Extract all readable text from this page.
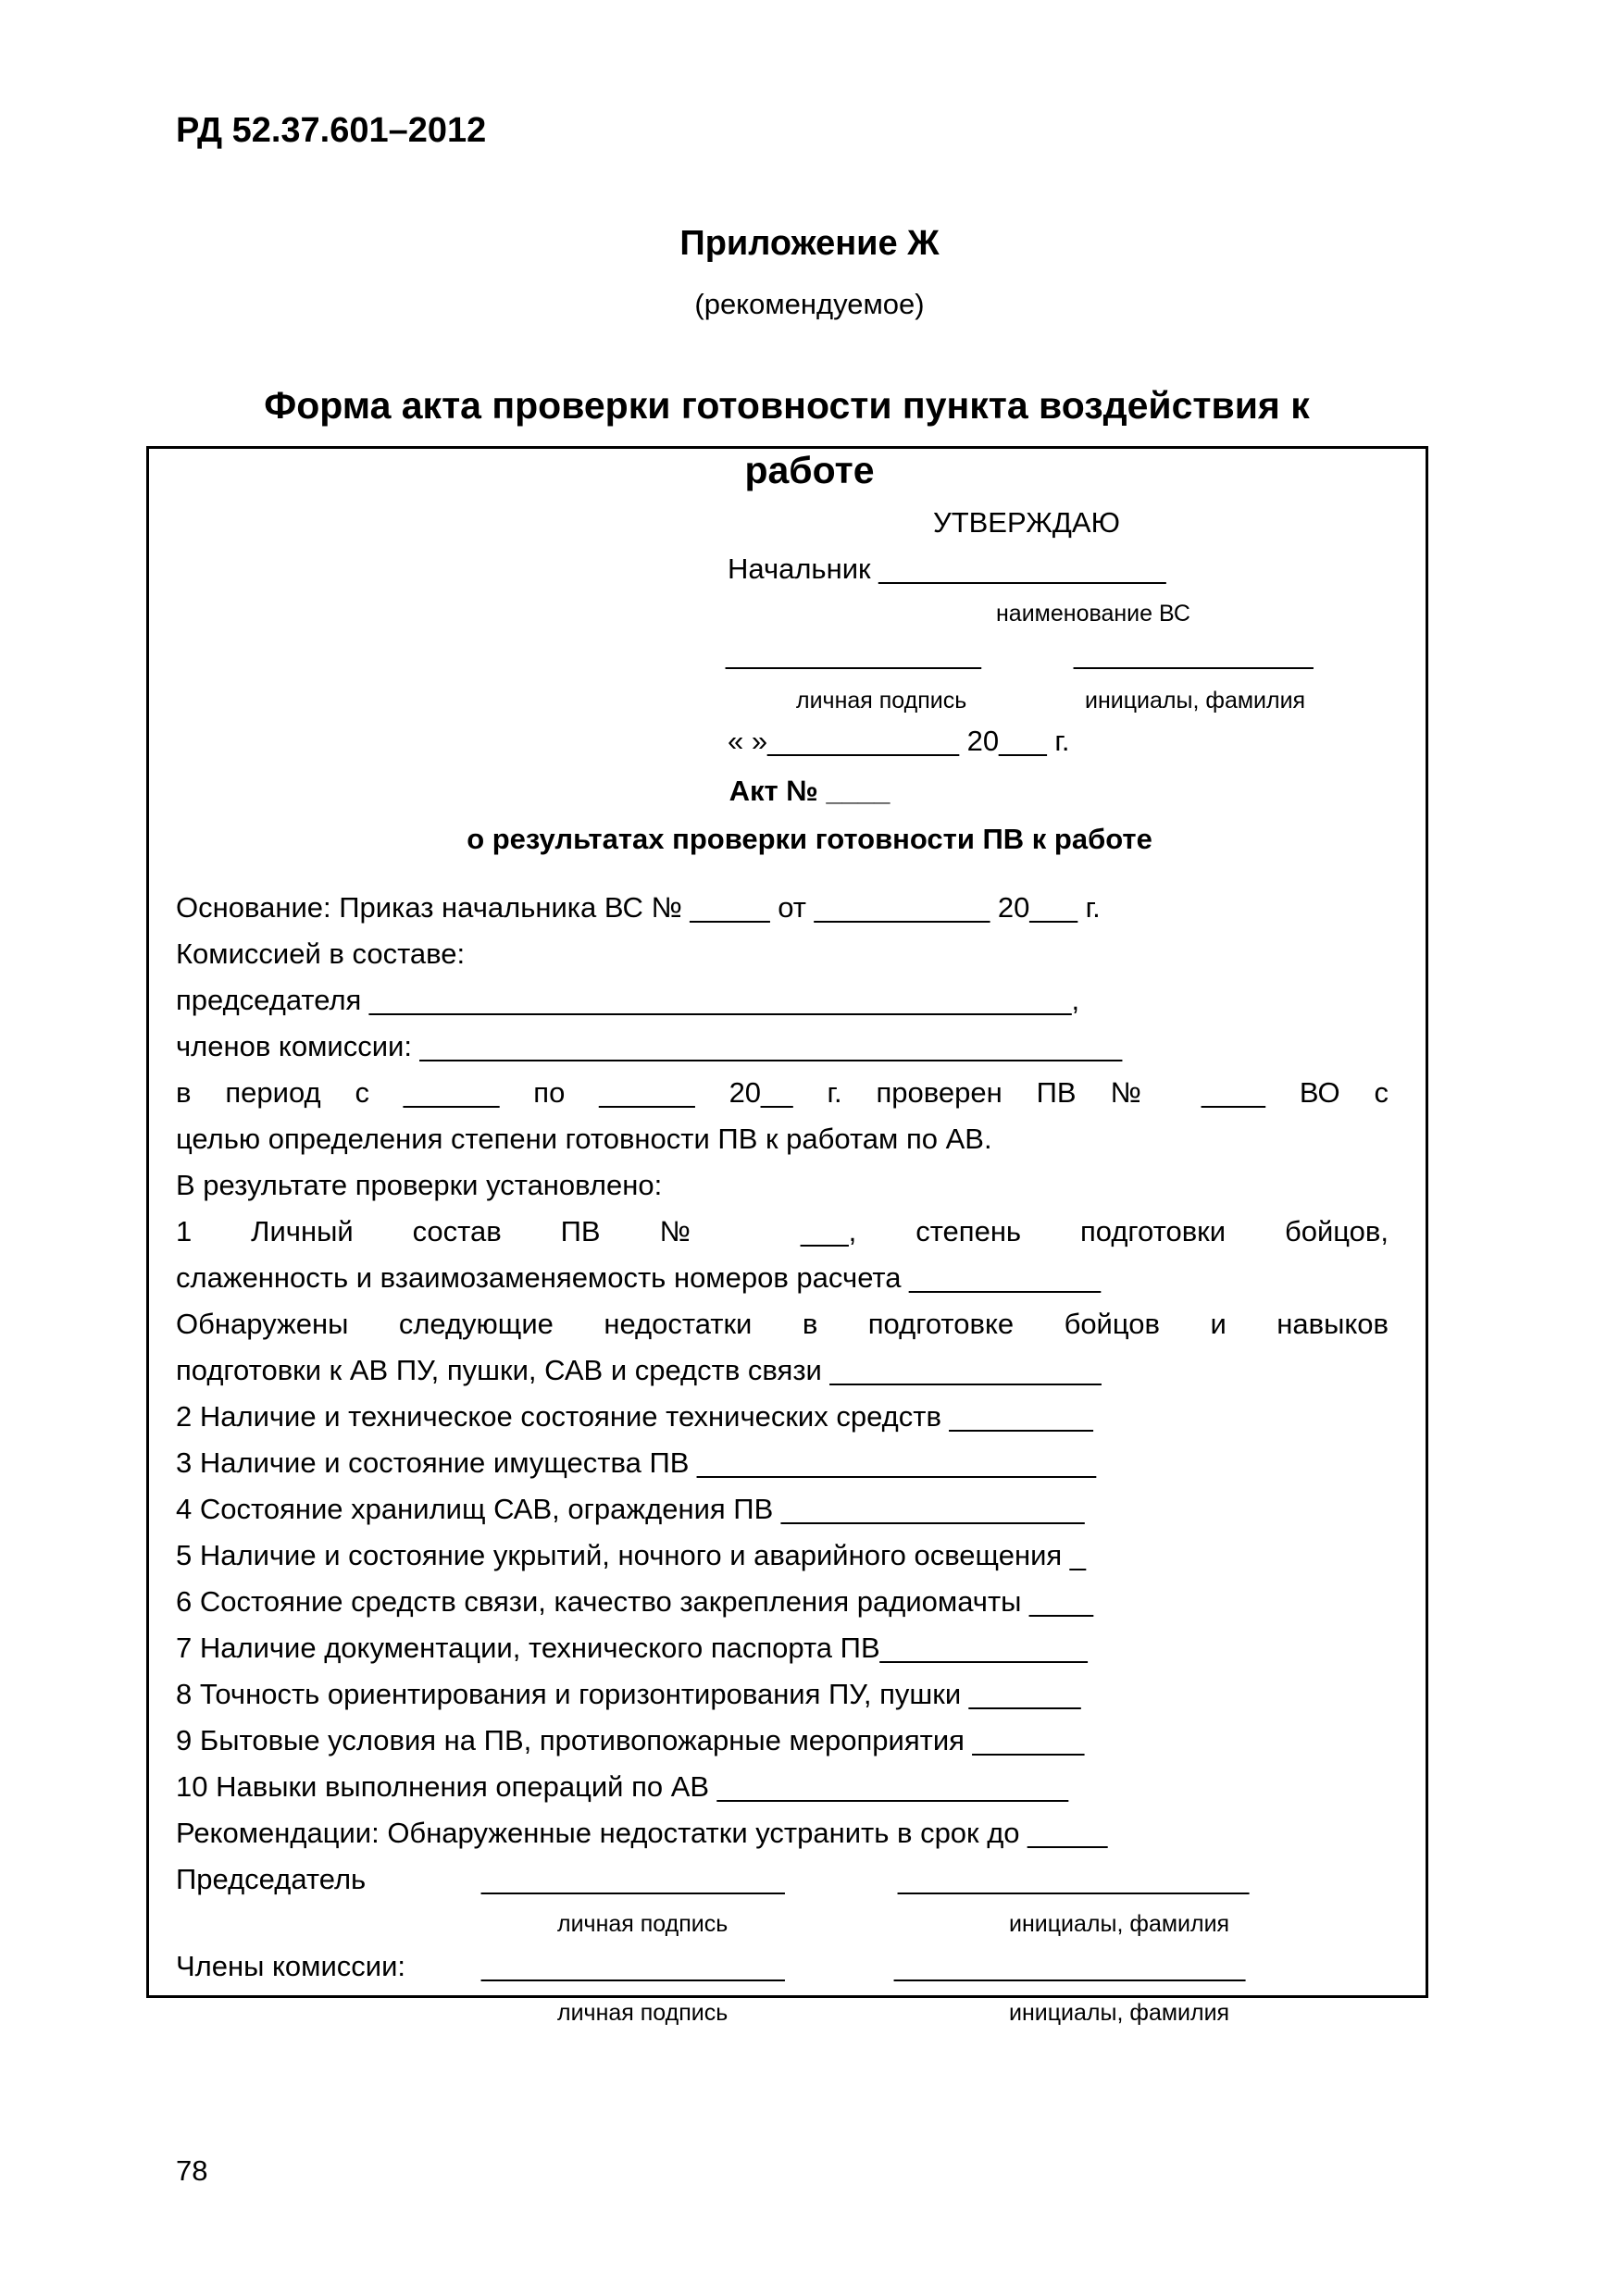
РД 52.37.601–2012
Приложение Ж
(рекомендуемое)
Форма акта проверки готовности пункта воздействия к
работе
УТВЕРЖДАЮ
Начальник __________________
наименование ВС
________________	_______________
личная подпись	инициалы, фамилия
« »____________ 20___ г.
Акт № ____
о результатах проверки готовности ПВ к работе
Основание: Приказ начальника ВС № _____ от ___________ 20___ г.
Комиссией в составе:
председателя ____________________________________________,
членов комиссии: ____________________________________________
в период с ______ по ______ 20__ г. проверен ПВ № ____ ВО с
целью определения степени готовности ПВ к работам по АВ.
В результате проверки установлено:
1 Личный состав ПВ № ___, степень подготовки бойцов,
слаженность и взаимозаменяемость номеров расчета ____________
Обнаружены следующие недостатки в подготовке бойцов и навыков
подготовки к АВ ПУ, пушки, САВ и средств связи _________________
2 Наличие и техническое состояние технических средств _________
3 Наличие и состояние имущества ПВ _________________________
4 Состояние хранилищ САВ, ограждения ПВ ___________________
5 Наличие и состояние укрытий, ночного и аварийного освещения _
6 Состояние средств связи, качество закрепления радиомачты ____
7 Наличие документации, технического паспорта ПВ_____________
8 Точность ориентирования и горизонтирования ПУ, пушки _______
9 Бытовые условия на ПВ, противопожарные мероприятия _______
10 Навыки выполнения операций по АВ ______________________
Рекомендации: Обнаруженные недостатки устранить в срок до _____
Председатель	___________________	______________________
личная подпись	инициалы, фамилия
Члены комиссии:	___________________	______________________
личная подпись	инициалы, фамилия
78
